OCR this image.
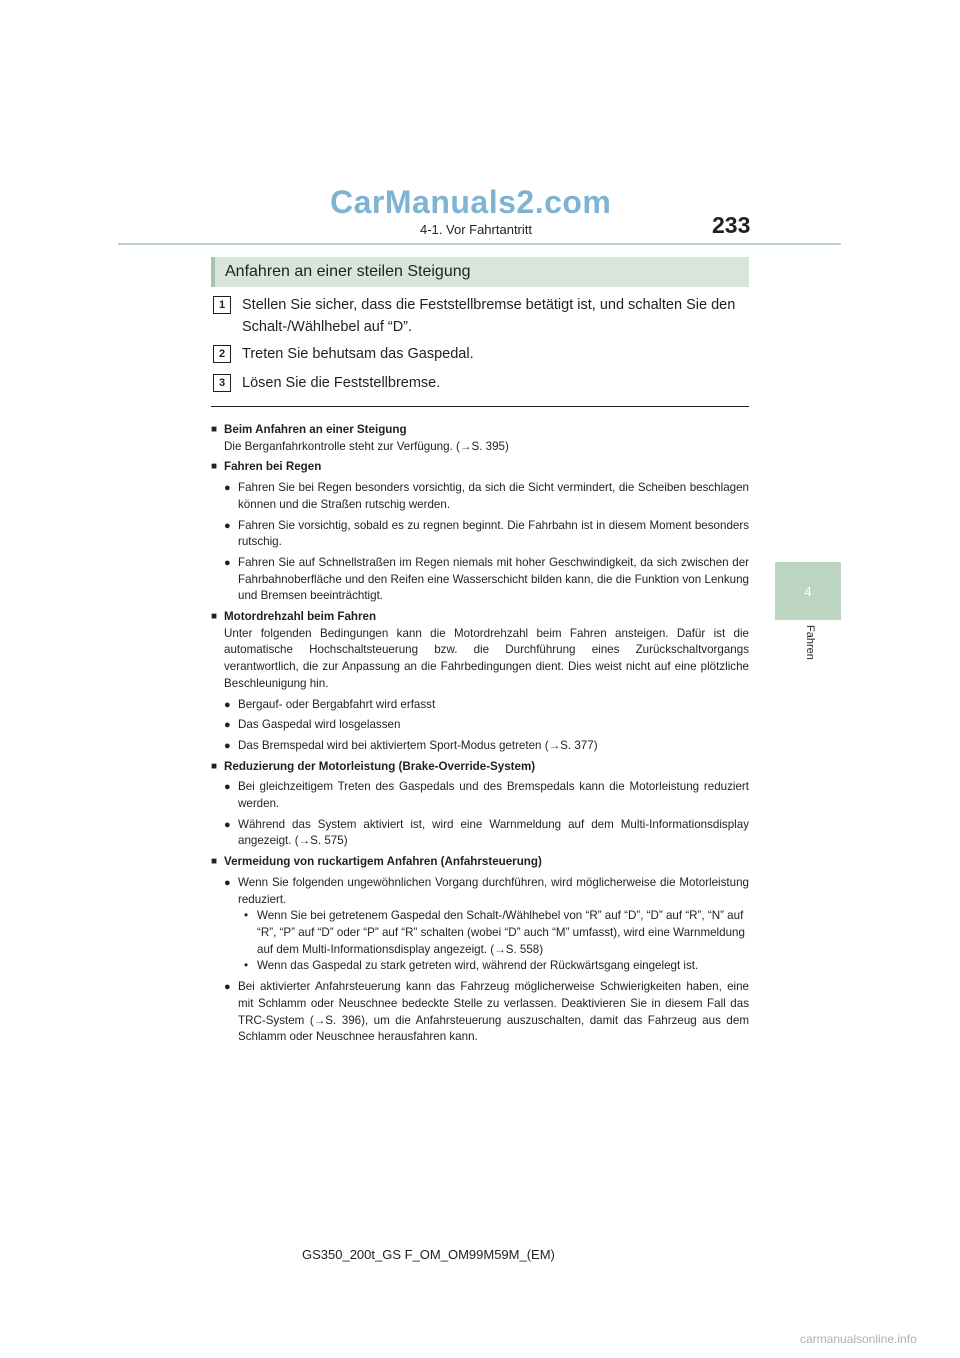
CarManuals2.com
4-1. Vor Fahrtantritt	233
4
Fahren
Anfahren an einer steilen Steigung
1	Stellen Sie sicher, dass die Feststellbremse betätigt ist, und schalten Sie den Schalt-/Wählhebel auf “D”.
2	Treten Sie behutsam das Gaspedal.
3	Lösen Sie die Feststellbremse.
■ Beim Anfahren an einer Steigung
Die Berganfahrkontrolle steht zur Verfügung. (→S. 395)
■ Fahren bei Regen
● Fahren Sie bei Regen besonders vorsichtig, da sich die Sicht vermindert, die Scheiben beschlagen können und die Straßen rutschig werden.
● Fahren Sie vorsichtig, sobald es zu regnen beginnt. Die Fahrbahn ist in diesem Moment besonders rutschig.
● Fahren Sie auf Schnellstraßen im Regen niemals mit hoher Geschwindigkeit, da sich zwischen der Fahrbahnoberfläche und den Reifen eine Wasserschicht bilden kann, die die Funktion von Lenkung und Bremsen beeinträchtigt.
■ Motordrehzahl beim Fahren
Unter folgenden Bedingungen kann die Motordrehzahl beim Fahren ansteigen. Dafür ist die automatische Hochschaltsteuerung bzw. die Durchführung eines Zurückschaltvorgangs verantwortlich, die zur Anpassung an die Fahrbedingungen dient. Dies weist nicht auf eine plötzliche Beschleunigung hin.
● Bergauf- oder Bergabfahrt wird erfasst
● Das Gaspedal wird losgelassen
● Das Bremspedal wird bei aktiviertem Sport-Modus getreten (→S. 377)
■ Reduzierung der Motorleistung (Brake-Override-System)
● Bei gleichzeitigem Treten des Gaspedals und des Bremspedals kann die Motorleistung reduziert werden.
● Während das System aktiviert ist, wird eine Warnmeldung auf dem Multi-Informationsdisplay angezeigt. (→S. 575)
■ Vermeidung von ruckartigem Anfahren (Anfahrsteuerung)
● Wenn Sie folgenden ungewöhnlichen Vorgang durchführen, wird möglicherweise die Motorleistung reduziert.
• Wenn Sie bei getretenem Gaspedal den Schalt-/Wählhebel von “R” auf “D”, “D” auf “R”, “N” auf “R”, “P” auf “D” oder “P” auf “R” schalten (wobei “D” auch “M” umfasst), wird eine Warnmeldung auf dem Multi-Informationsdisplay angezeigt. (→S. 558)
• Wenn das Gaspedal zu stark getreten wird, während der Rückwärtsgang eingelegt ist.
● Bei aktivierter Anfahrsteuerung kann das Fahrzeug möglicherweise Schwierigkeiten haben, eine mit Schlamm oder Neuschnee bedeckte Stelle zu verlassen. Deaktivieren Sie in diesem Fall das TRC-System (→S. 396), um die Anfahrsteuerung auszuschalten, damit das Fahrzeug aus dem Schlamm oder Neuschnee herausfahren kann.
GS350_200t_GS F_OM_OM99M59M_(EM)
carmanualsonline.info
